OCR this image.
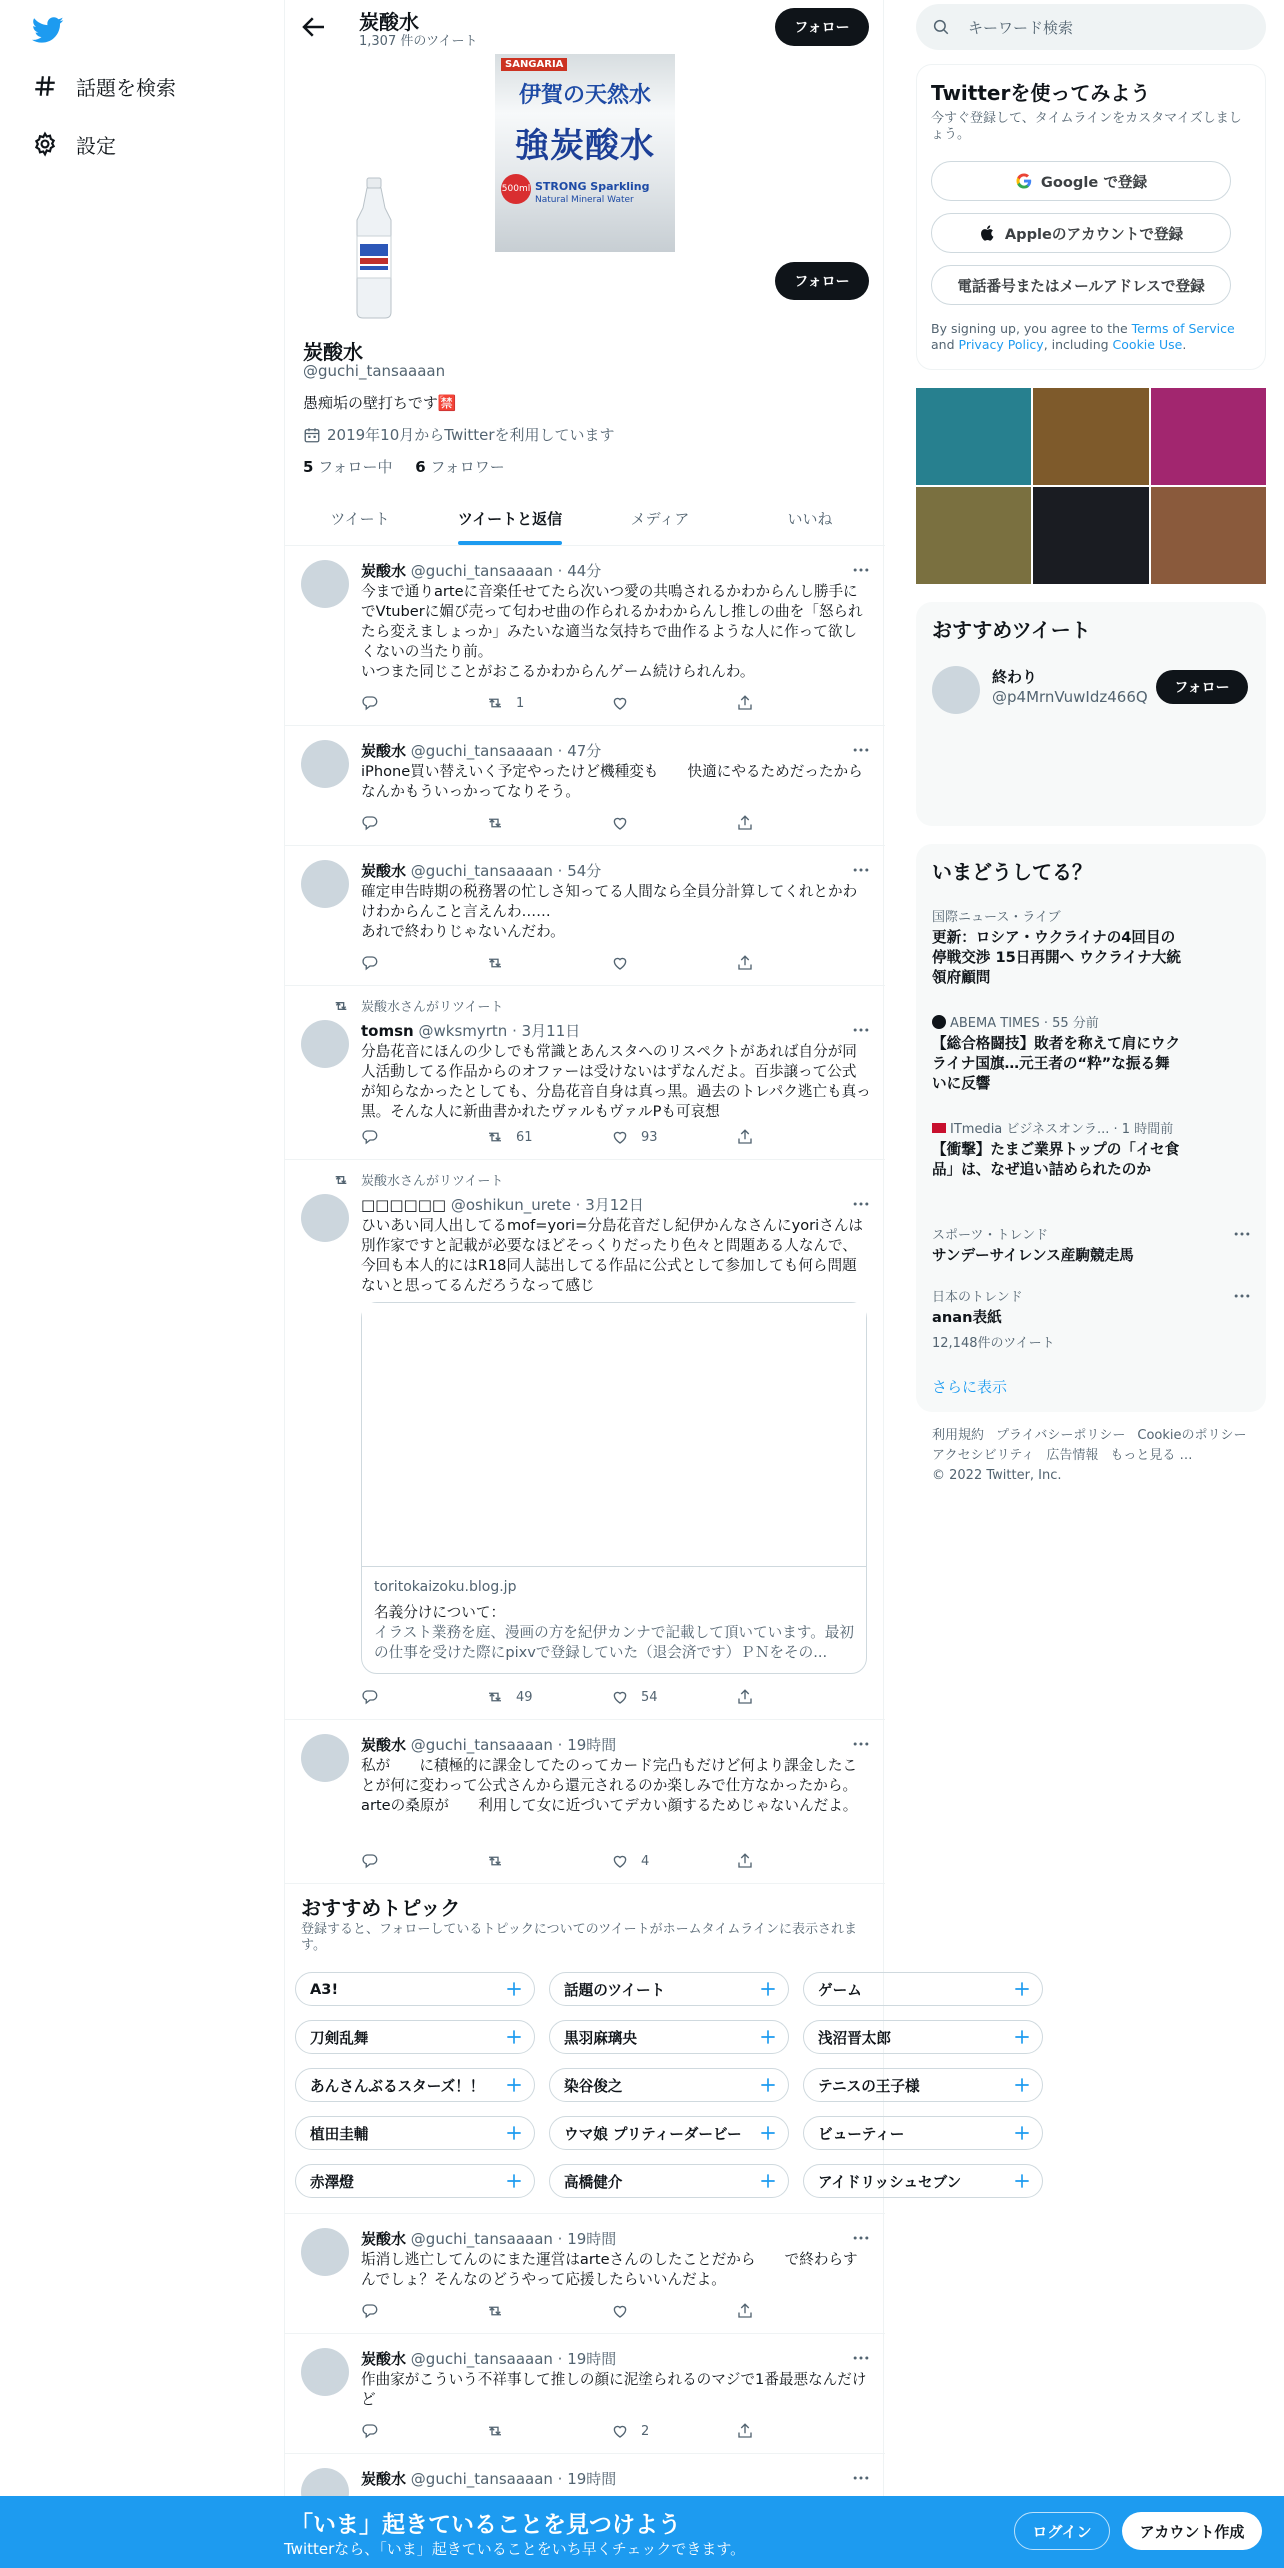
話題を検索
設定
炭酸水
1,307 件のツイート
フォロー
SANGARIA
伊賀の天然水
強炭酸水
500ml STRONG Sparkling
Natural Mineral Water
フォロー
炭酸水
@guchi_tansaaaan
愚痴垢の壁打ちです🈲
2019年10月からTwitterを利用しています
5 フォロー中 6 フォロワー
ツイート	ツイートと返信	メディア	いいね
炭酸水 @guchi_tansaaaan · 44分
今まで通りarteに音楽任せてたら次いつ愛の共鳴されるかわからんし勝手に　　でVtuberに媚び売って匂わせ曲の作られるかわからんし推しの曲を「怒られたら変えましょっか」みたいな適当な気持ちで曲作るような人に作って欲しくないの当たり前。
いつまた同じことがおこるかわからんゲーム続けられんわ。
1
炭酸水 @guchi_tansaaaan · 47分
iPhone買い替えいく予定やったけど機種変も　　快適にやるためだったからなんかもういっかってなりそう。
炭酸水 @guchi_tansaaaan · 54分
確定申告時期の税務署の忙しさ知ってる人間なら全員分計算してくれとかわけわからんこと言えんわ……
あれで終わりじゃないんだわ。
炭酸水さんがリツイート
tomsn @wksmyrtn · 3月11日
分島花音にほんの少しでも常識とあんスタへのリスペクトがあれば自分が同人活動してる作品からのオファーは受けないはずなんだよ。百歩譲って公式が知らなかったとしても、分島花音自身は真っ黒。過去のトレパク逃亡も真っ黒。そんな人に新曲書かれたヴァルもヴァルPも可哀想
61	93
炭酸水さんがリツイート
□□□□□□ @oshikun_urete · 3月12日
ひいあい同人出してるmof=yori=分島花音だし紀伊かんなさんにyoriさんは別作家ですと記載が必要なほどそっくりだったり色々と問題ある人なんで、今回も本人的にはR18同人誌出してる作品に公式として参加しても何ら問題ないと思ってるんだろうなって感じ
49	54
炭酸水 @guchi_tansaaaan · 19時間
私が　　に積極的に課金してたのってカード完凸もだけど何より課金したことが何に変わって公式さんから還元されるのか楽しみで仕方なかったから。
arteの桑原が　　利用して女に近づいてデカい顔するためじゃないんだよ。
4
炭酸水 @guchi_tansaaaan · 19時間
垢消し逃亡してんのにまた運営はarteさんのしたことだから　　で終わらすんでしょ？そんなのどうやって応援したらいいんだよ。
炭酸水 @guchi_tansaaaan · 19時間
作曲家がこういう不祥事して推しの顔に泥塗られるのマジで1番最悪なんだけど
2
炭酸水 @guchi_tansaaaan · 19時間
おすすめトピック
登録すると、フォローしているトピックについてのツイートがホームタイムラインに表示されます。
A3!	話題のツイート	ゲーム
刀剣乱舞	黒羽麻璃央	浅沼晋太郎
あんさんぶるスターズ！！	染谷俊之	テニスの王子様
植田圭輔	ウマ娘 プリティーダービー	ビューティー
赤澤燈	高橋健介	アイドリッシュセブン
toritokaizoku.blog.jp
名義分けについて：
イラスト業務を庭、漫画の方を紀伊カンナで記載して頂いています。最初の仕事を受けた際にpixvで登録していた（退会済です）ＰＮをその...
キーワード検索
Twitterを使ってみよう
今すぐ登録して、タイムラインをカスタマイズしましょう。
Google で登録
Appleのアカウントで登録
電話番号またはメールアドレスで登録
By signing up, you agree to the Terms of Service and Privacy Policy, including Cookie Use.
おすすめツイート
終わり
@p4MrnVuwIdz466Q	フォロー
いまどうしてる？
国際ニュース・ライブ
更新：ロシア・ウクライナの4回目の停戦交渉 15日再開へ ウクライナ大統領府顧問
ABEMA TIMES · 55 分前
【総合格闘技】敗者を称えて肩にウクライナ国旗…元王者の“粋”な振る舞いに反響
ITmedia ビジネスオンラ... · 1 時間前
【衝撃】たまご業界トップの「イセ食品」は、なぜ追い詰められたのか
スポーツ・トレンド
サンデーサイレンス産駒競走馬
日本のトレンド
anan表紙
12,148件のツイート
さらに表示
利用規約 プライバシーポリシー Cookieのポリシーアクセシビリティ 広告情報 もっと見る …© 2022 Twitter, Inc.
「いま」起きていることを見つけよう
Twitterなら、「いま」起きていることをいち早くチェックできます。
ログイン	アカウント作成
